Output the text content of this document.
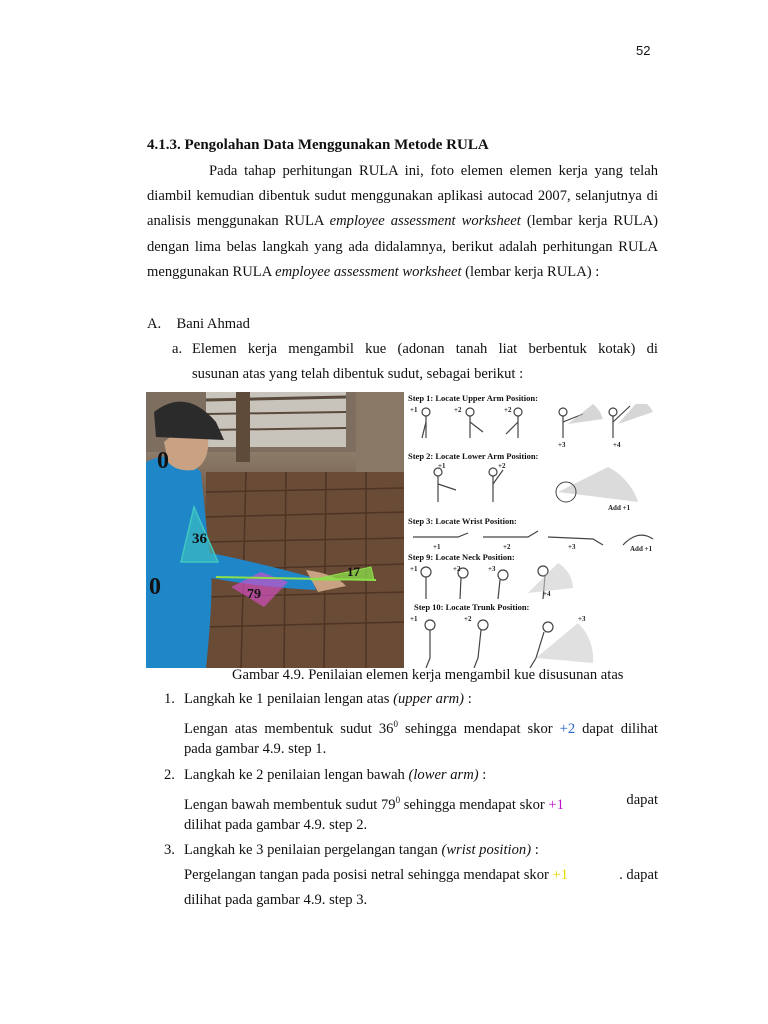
52
4.1.3. Pengolahan Data Menggunakan Metode RULA

Pada tahap perhitungan RULA ini, foto elemen elemen kerja yang telah diambil kemudian dibentuk sudut menggunakan aplikasi autocad 2007, selanjutnya di analisis menggunakan RULA employee assessment worksheet (lembar kerja RULA) dengan lima belas langkah yang ada didalamnya, berikut adalah perhitungan RULA menggunakan RULA employee assessment worksheet (lembar kerja RULA) :

A. Bani Ahmad
a. Elemen kerja mengambil kue (adonan tanah liat berbentuk kotak) di
susunan atas yang telah dibentuk sudut, sebagai berikut :
0
36
0
17
79
Step 1: Locate Upper Arm Position:
+1	+2	+2
+3	+4
Step 2: Locate Lower Arm Position:
+1	+2
Add +1
Step 3: Locate Wrist Position:
+1	+2	+3	Add +1
Step 9: Locate Neck Position:
+1	+2	+3
+4
Step 10: Locate Trunk Position:
+1	+2	+3
Gambar 4.9. Penilaian elemen kerja mengambil kue disusunan atas
1. Langkah ke 1 penilaian lengan atas (upper arm) :
Lengan atas membentuk sudut $36^0$ sehingga mendapat skor +2 dapat dilihat
pada gambar 4.9. step 1.
2. Langkah ke 2 penilaian lengan bawah (lower arm) :
Lengan bawah membentuk sudut $79^0$ sehingga mendapat skor +1	dapat
dilihat pada gambar 4.9. step 2.
3. Langkah ke 3 penilaian pergelangan tangan (wrist position) :
Pergelangan tangan pada posisi netral sehingga mendapat skor +1	. dapat
dilihat pada gambar 4.9. step 3.
